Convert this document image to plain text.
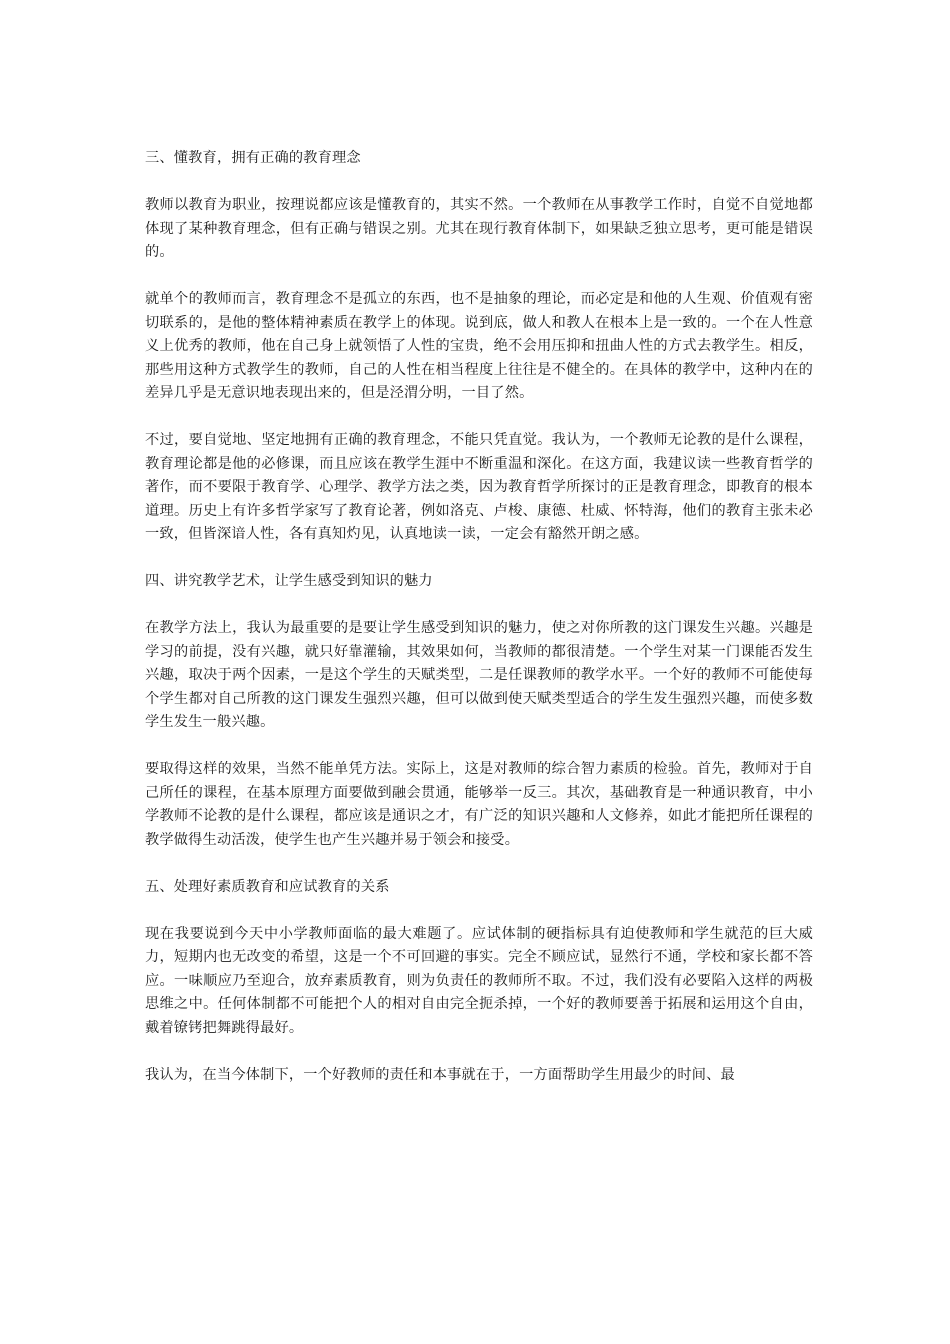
三、懂教育，拥有正确的教育理念

教师以教育为职业，按理说都应该是懂教育的，其实不然。一个教师在从事教学工作时，自觉不自觉地都体现了某种教育理念，但有正确与错误之别。尤其在现行教育体制下，如果缺乏独立思考，更可能是错误的。

就单个的教师而言，教育理念不是孤立的东西，也不是抽象的理论，而必定是和他的人生观、价值观有密切联系的，是他的整体精神素质在教学上的体现。说到底，做人和教人在根本上是一致的。一个在人性意义上优秀的教师，他在自己身上就领悟了人性的宝贵，绝不会用压抑和扭曲人性的方式去教学生。相反，那些用这种方式教学生的教师，自己的人性在相当程度上往往是不健全的。在具体的教学中，这种内在的差异几乎是无意识地表现出来的，但是泾渭分明，一目了然。

不过，要自觉地、坚定地拥有正确的教育理念，不能只凭直觉。我认为，一个教师无论教的是什么课程，教育理论都是他的必修课，而且应该在教学生涯中不断重温和深化。在这方面，我建议读一些教育哲学的著作，而不要限于教育学、心理学、教学方法之类，因为教育哲学所探讨的正是教育理念，即教育的根本道理。历史上有许多哲学家写了教育论著，例如洛克、卢梭、康德、杜威、怀特海，他们的教育主张未必一致，但皆深谙人性，各有真知灼见，认真地读一读，一定会有豁然开朗之感。

四、讲究教学艺术，让学生感受到知识的魅力

在教学方法上，我认为最重要的是要让学生感受到知识的魅力，使之对你所教的这门课发生兴趣。兴趣是学习的前提，没有兴趣，就只好靠灌输，其效果如何，当教师的都很清楚。一个学生对某一门课能否发生兴趣，取决于两个因素，一是这个学生的天赋类型，二是任课教师的教学水平。一个好的教师不可能使每个学生都对自己所教的这门课发生强烈兴趣，但可以做到使天赋类型适合的学生发生强烈兴趣，而使多数学生发生一般兴趣。

要取得这样的效果，当然不能单凭方法。实际上，这是对教师的综合智力素质的检验。首先，教师对于自己所任的课程，在基本原理方面要做到融会贯通，能够举一反三。其次，基础教育是一种通识教育，中小学教师不论教的是什么课程，都应该是通识之才，有广泛的知识兴趣和人文修养，如此才能把所任课程的教学做得生动活泼，使学生也产生兴趣并易于领会和接受。

五、处理好素质教育和应试教育的关系

现在我要说到今天中小学教师面临的最大难题了。应试体制的硬指标具有迫使教师和学生就范的巨大威力，短期内也无改变的希望，这是一个不可回避的事实。完全不顾应试，显然行不通，学校和家长都不答应。一味顺应乃至迎合，放弃素质教育，则为负责任的教师所不取。不过，我们没有必要陷入这样的两极思维之中。任何体制都不可能把个人的相对自由完全扼杀掉，一个好的教师要善于拓展和运用这个自由，戴着镣铐把舞跳得最好。

我认为，在当今体制下，一个好教师的责任和本事就在于，一方面帮助学生用最少的时间、最
